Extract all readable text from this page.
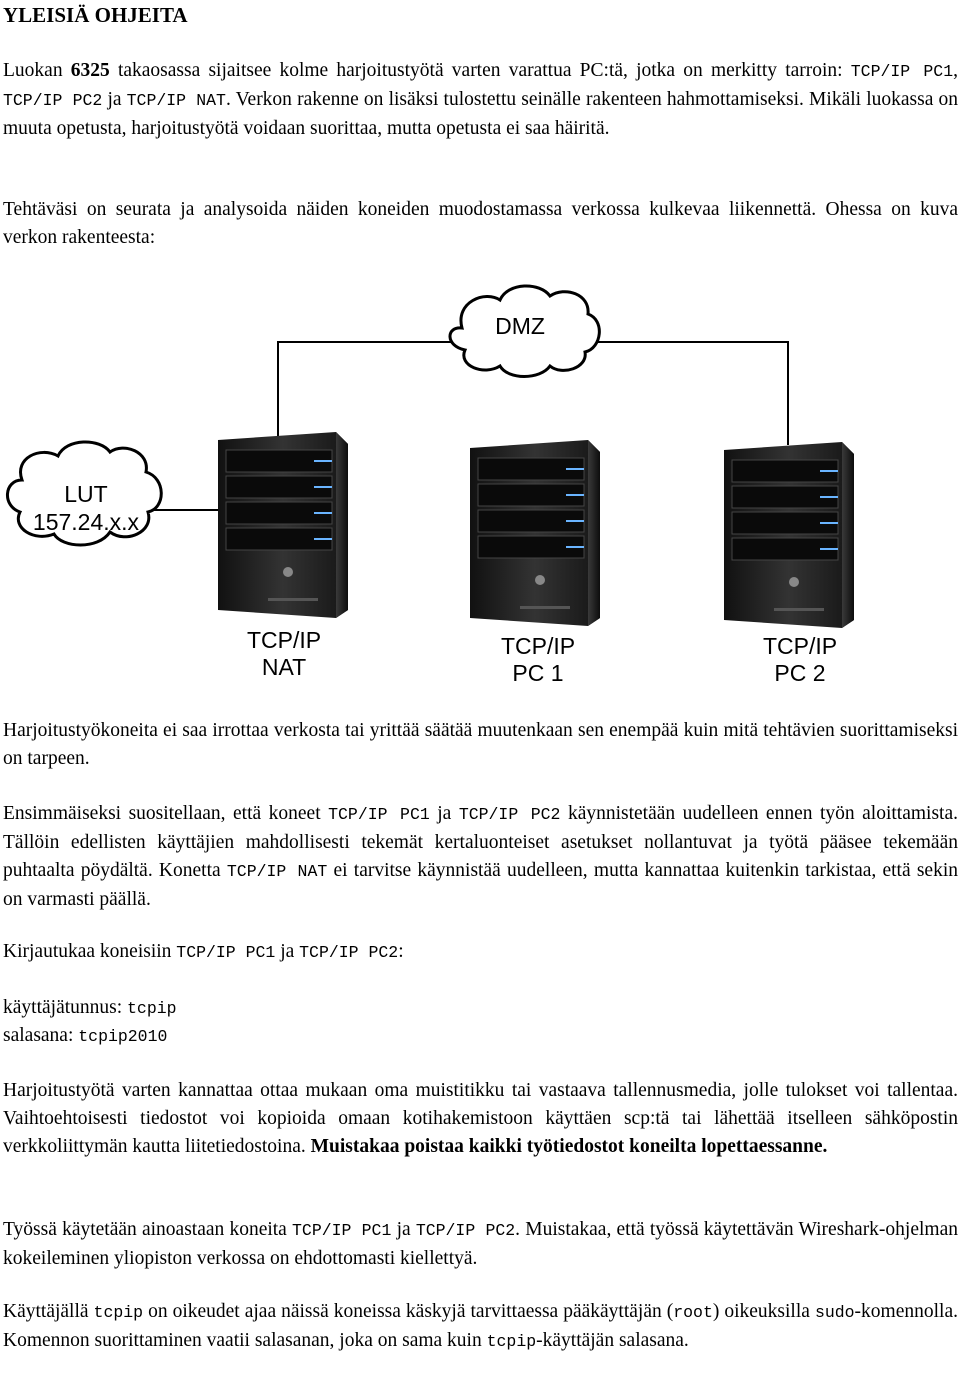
YLEISIÄ OHJEITA

Luokan 6325 takaosassa sijaitsee kolme harjoitustyötä varten varattua PC:tä, jotka on merkitty tarroin: TCP/IP PC1, TCP/IP PC2 ja TCP/IP NAT. Verkon rakenne on lisäksi tulostettu seinälle rakenteen hahmottamiseksi. Mikäli luokassa on muuta opetusta, harjoitustyötä voidaan suorittaa, mutta opetusta ei saa häiritä.

Tehtäväsi on seurata ja analysoida näiden koneiden muodostamassa verkossa kulkevaa liikennettä. Ohessa on kuva verkon rakenteesta:

DMZ
LUT
157.24.x.x
TCP/IP
NAT
TCP/IP
PC 1
TCP/IP
PC 2

Harjoitustyökoneita ei saa irrottaa verkosta tai yrittää säätää muutenkaan sen enempää kuin mitä tehtävien suorittamiseksi on tarpeen.

Ensimmäiseksi suositellaan, että koneet TCP/IP PC1 ja TCP/IP PC2 käynnistetään uudelleen ennen työn aloittamista. Tällöin edellisten käyttäjien mahdollisesti tekemät kertaluonteiset asetukset nollantuvat ja työtä pääsee tekemään puhtaalta pöydältä. Konetta TCP/IP NAT ei tarvitse käynnistää uudelleen, mutta kannattaa kuitenkin tarkistaa, että sekin on varmasti päällä.

Kirjautukaa koneisiin TCP/IP PC1 ja TCP/IP PC2:

käyttäjätunnus: tcpip

salasana: tcpip2010

Harjoitustyötä varten kannattaa ottaa mukaan oma muistitikku tai vastaava tallennusmedia, jolle tulokset voi tallentaa. Vaihtoehtoisesti tiedostot voi kopioida omaan kotihakemistoon käyttäen scp:tä tai lähettää itselleen sähköpostin verkkoliittymän kautta liitetiedostoina. Muistakaa poistaa kaikki työtiedostot koneilta lopettaessanne.

Työssä käytetään ainoastaan koneita TCP/IP PC1 ja TCP/IP PC2. Muistakaa, että työssä käytettävän Wireshark-ohjelman kokeileminen yliopiston verkossa on ehdottomasti kiellettyä.

Käyttäjällä tcpip on oikeudet ajaa näissä koneissa käskyjä tarvittaessa pääkäyttäjän (root) oikeuksilla sudo-komennolla. Komennon suorittaminen vaatii salasanan, joka on sama kuin tcpip-käyttäjän salasana.
